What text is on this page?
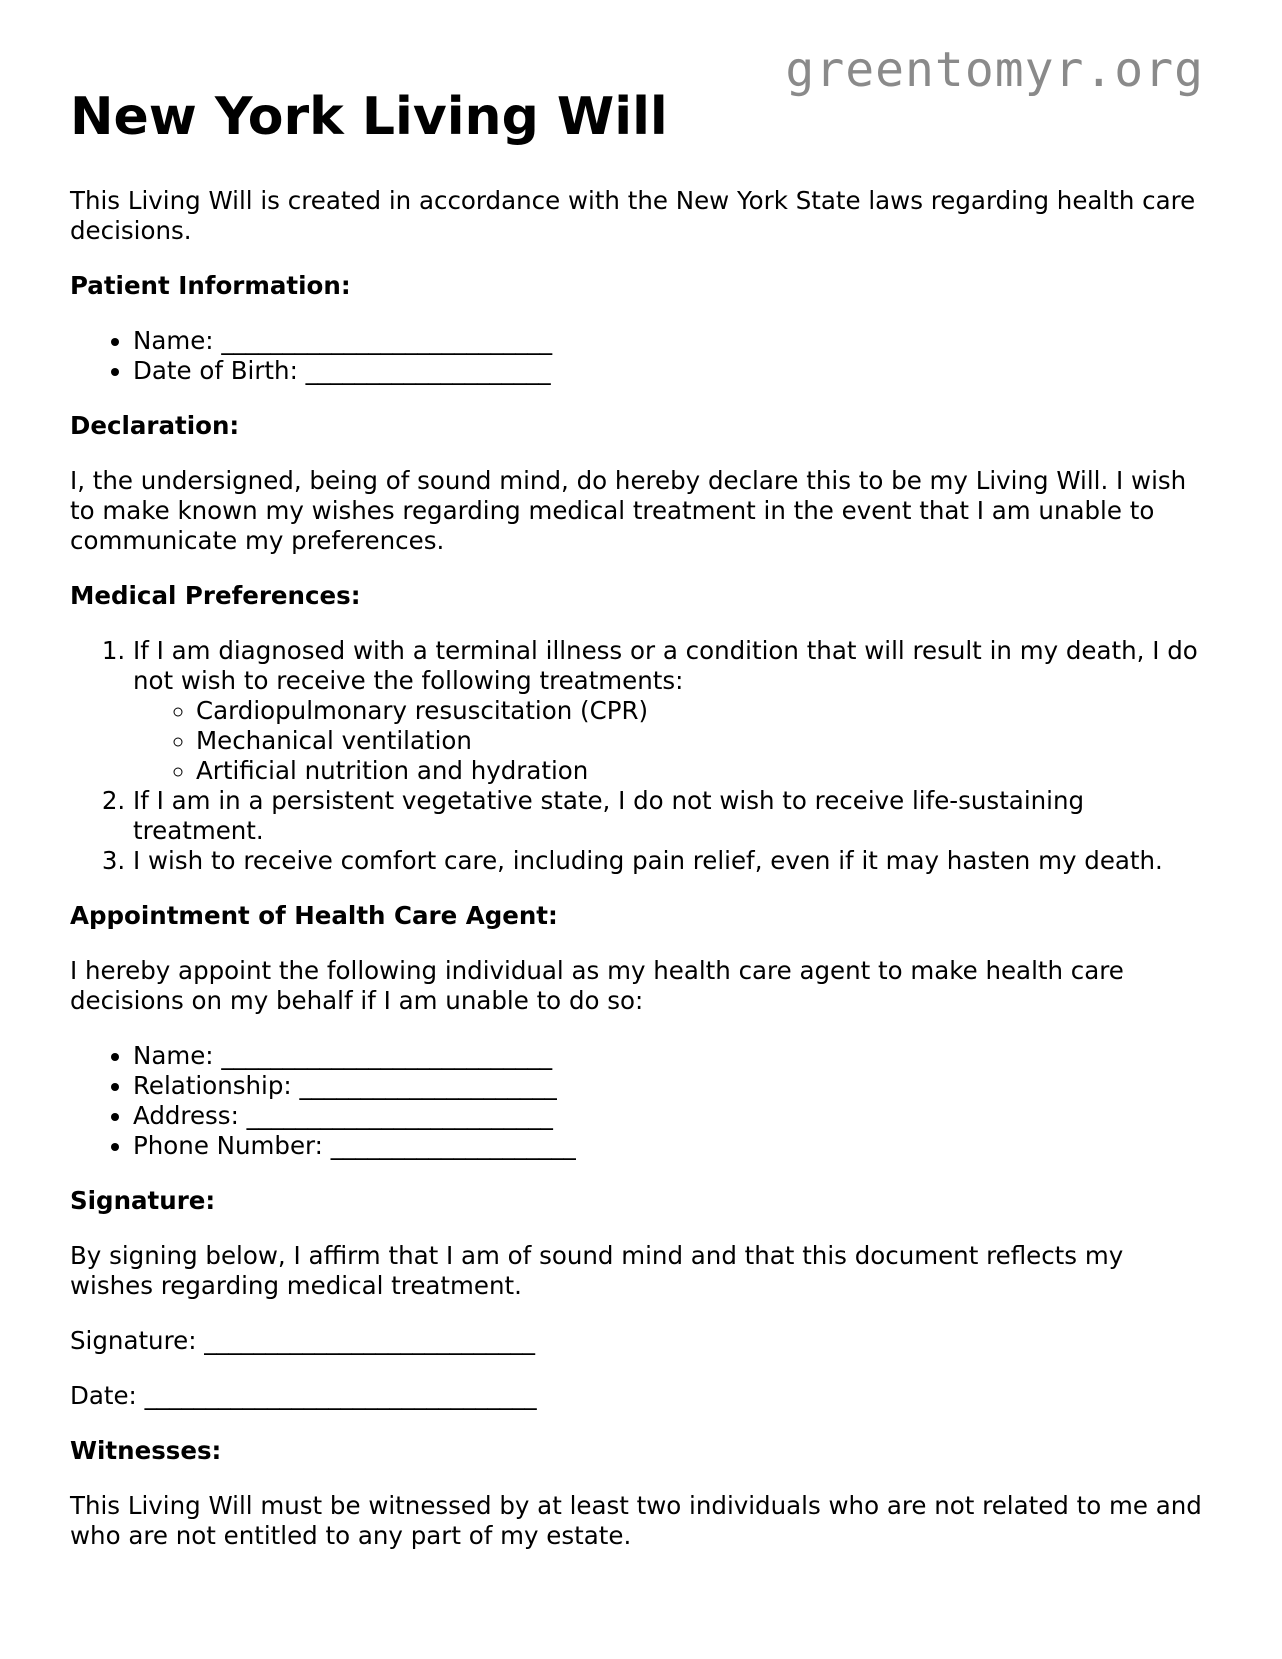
greentomyr.org
New York Living Will

This Living Will is created in accordance with the New York State laws regarding health care decisions.

Patient Information:
• Name: ___________________________
• Date of Birth: ____________________
Declaration:

I, the undersigned, being of sound mind, do hereby declare this to be my Living Will. I wish to make known my wishes regarding medical treatment in the event that I am unable to communicate my preferences.

Medical Preferences:
1. If I am diagnosed with a terminal illness or a condition that will result in my death, I do not wish to receive the following treatments:
◦ Cardiopulmonary resuscitation (CPR)
◦ Mechanical ventilation
◦ Artificial nutrition and hydration
2. If I am in a persistent vegetative state, I do not wish to receive life-sustaining treatment.
3. I wish to receive comfort care, including pain relief, even if it may hasten my death.
Appointment of Health Care Agent:

I hereby appoint the following individual as my health care agent to make health care decisions on my behalf if I am unable to do so:

• Name: ___________________________
• Relationship: _____________________
• Address: _________________________
• Phone Number: ____________________
Signature:

By signing below, I affirm that I am of sound mind and that this document reflects my wishes regarding medical treatment.

Signature: ___________________________

Date: ________________________________

Witnesses:

This Living Will must be witnessed by at least two individuals who are not related to me and who are not entitled to any part of my estate.
